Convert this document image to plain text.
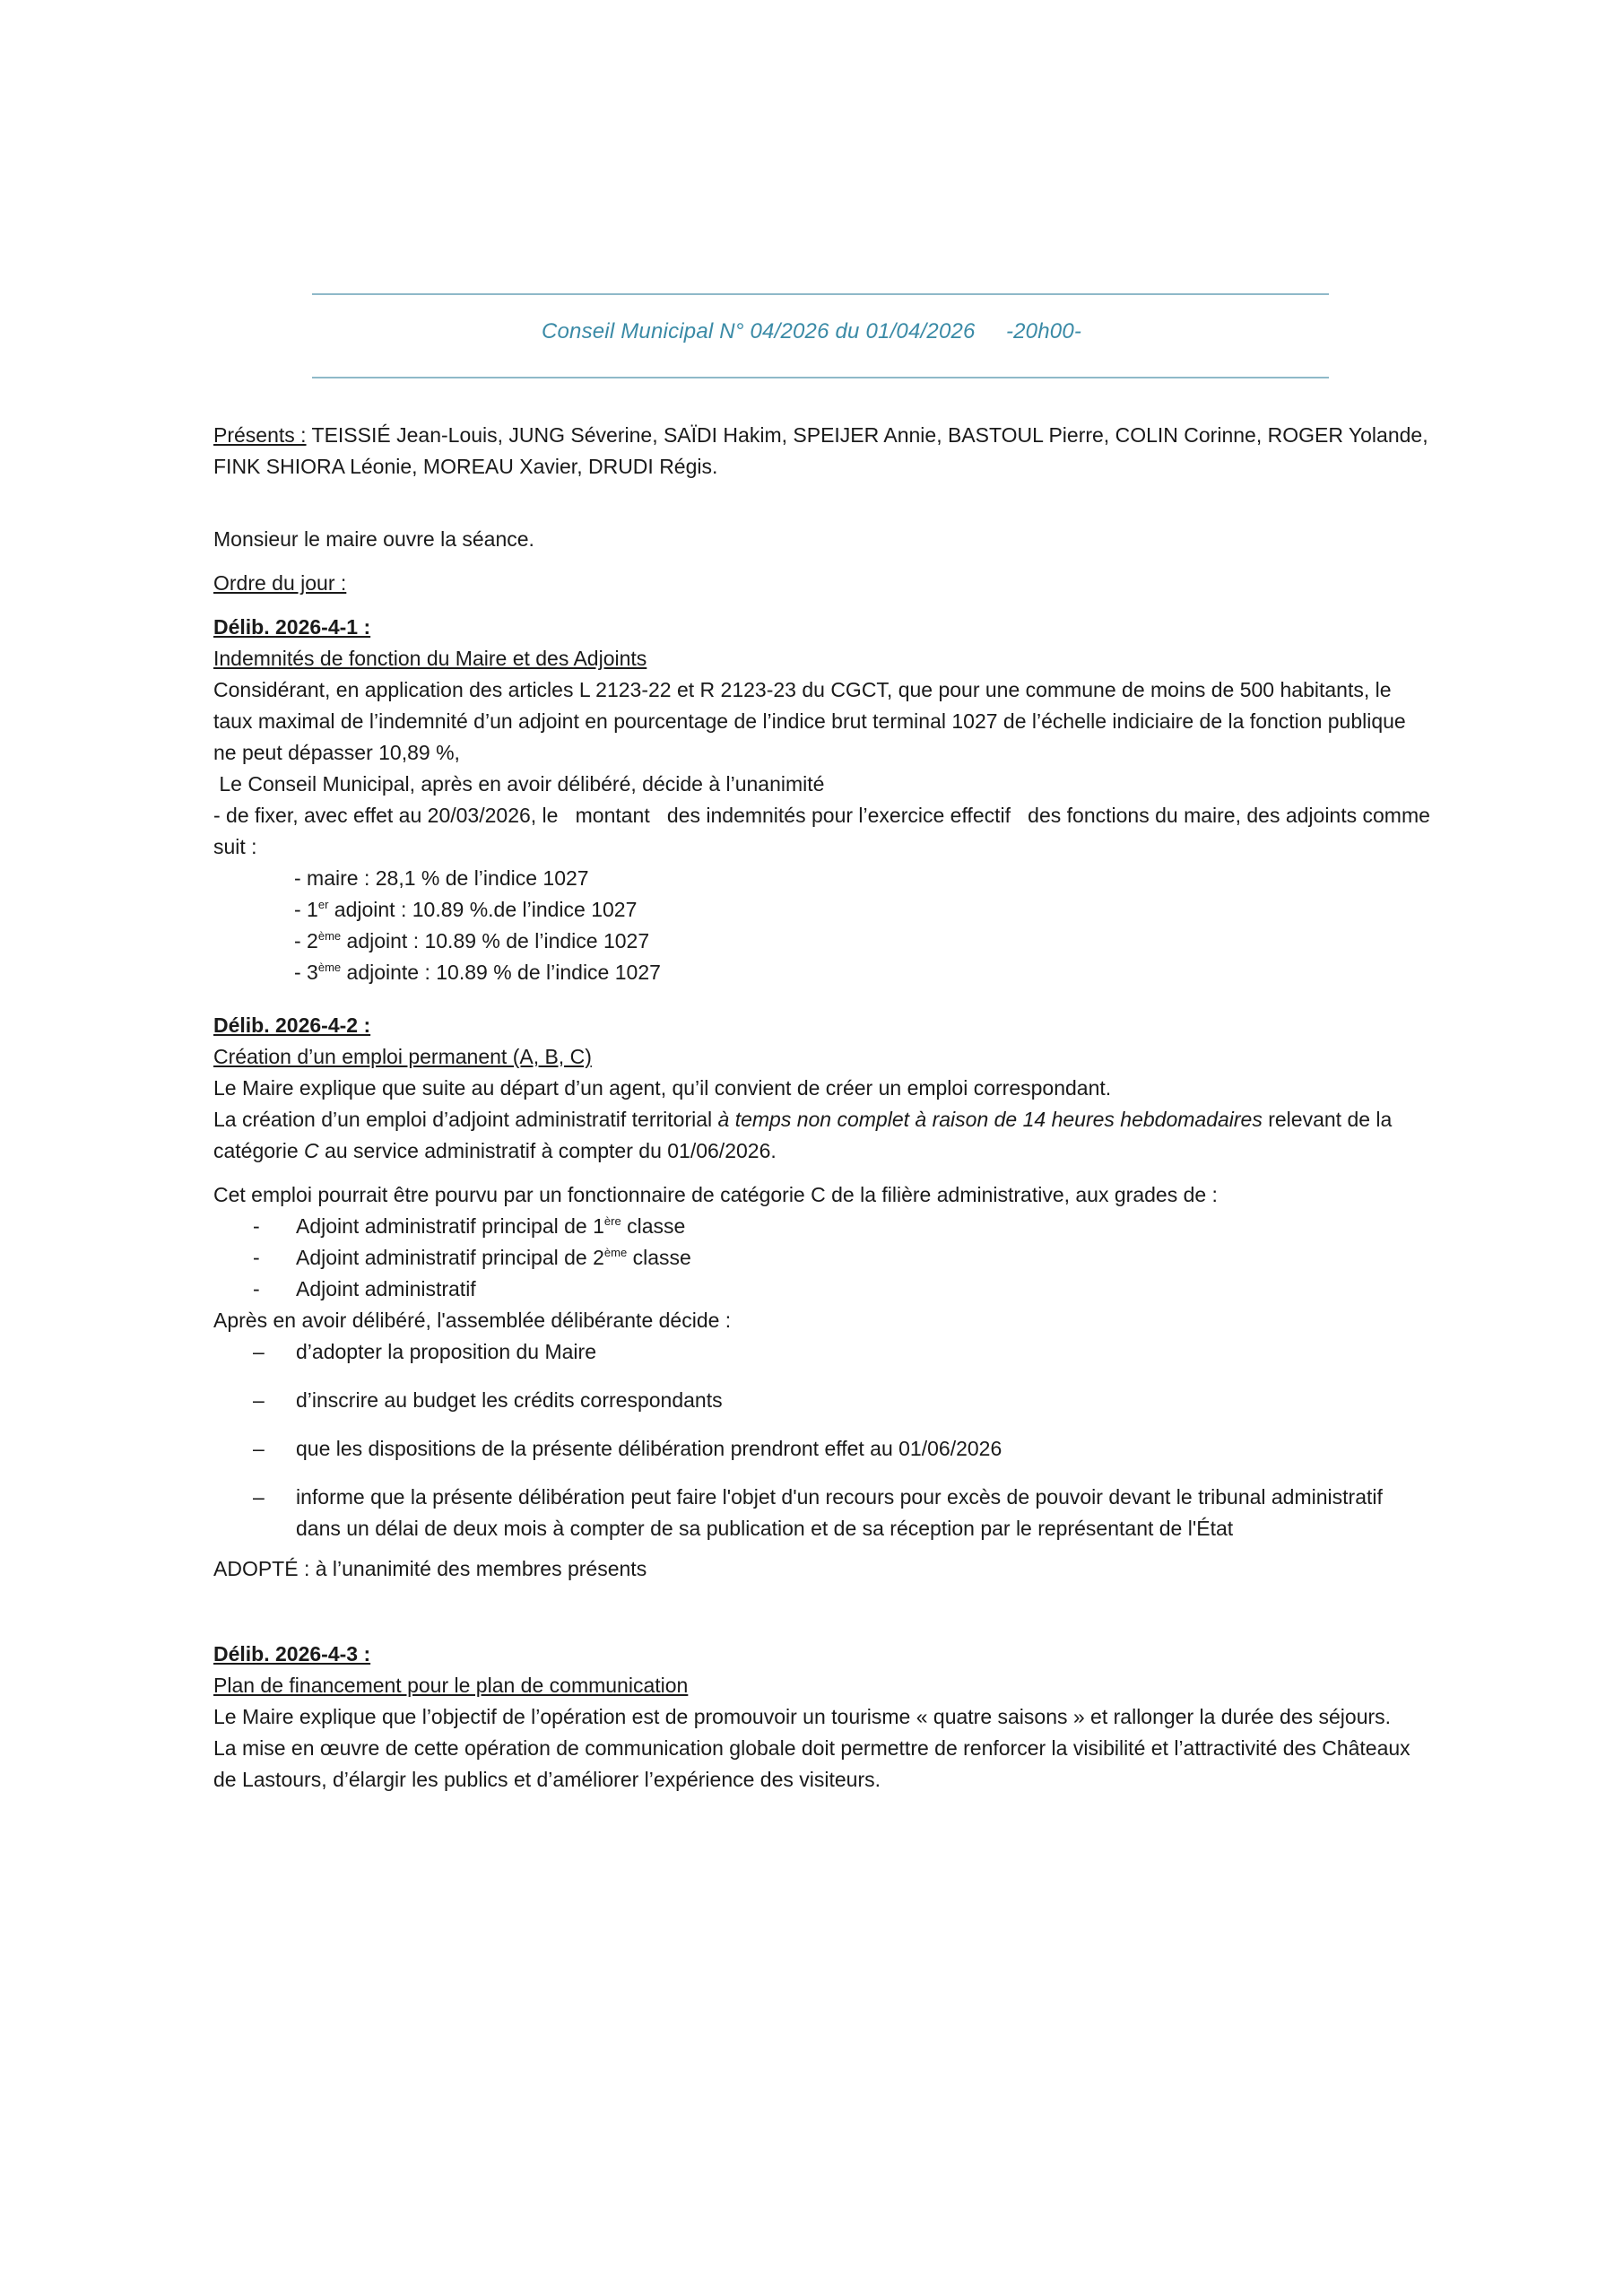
Conseil Municipal N° 04/2026 du 01/04/2026 -20h00-

Présents : TEISSIÉ Jean-Louis, JUNG Séverine, SAÏDI Hakim, SPEIJER Annie, BASTOUL Pierre, COLIN Corinne, ROGER Yolande, FINK SHIORA Léonie, MOREAU Xavier, DRUDI Régis.

Monsieur le maire ouvre la séance.

Ordre du jour :

Délib. 2026-4-1 :

Indemnités de fonction du Maire et des Adjoints

Considérant, en application des articles L 2123-22 et R 2123-23 du CGCT, que pour une commune de moins de 500 habitants, le taux maximal de l’indemnité d’un adjoint en pourcentage de l’indice brut terminal 1027 de l’échelle indiciaire de la fonction publique ne peut dépasser 10,89 %,

Le Conseil Municipal, après en avoir délibéré, décide à l’unanimité

- de fixer, avec effet au 20/03/2026, le   montant   des indemnités pour l’exercice effectif   des fonctions du maire, des adjoints comme suit :

- maire : 28,1 % de l’indice 1027

- 1er adjoint : 10.89 %.de l’indice 1027

- 2ème adjoint : 10.89 % de l’indice 1027

- 3ème adjointe : 10.89 % de l’indice 1027

Délib. 2026-4-2 :

Création d’un emploi permanent (A, B, C)

Le Maire explique que suite au départ d’un agent, qu’il convient de créer un emploi correspondant.

La création d’un emploi d’adjoint administratif territorial à temps non complet à raison de 14 heures hebdomadaires relevant de la catégorie C au service administratif à compter du 01/06/2026.

Cet emploi pourrait être pourvu par un fonctionnaire de catégorie C de la filière administrative, aux grades de :

- Adjoint administratif principal de 1ère classe
- Adjoint administratif principal de 2ème classe
- Adjoint administratif

Après en avoir délibéré, l'assemblée délibérante décide :

– d’adopter la proposition du Maire
– d’inscrire au budget les crédits correspondants
– que les dispositions de la présente délibération prendront effet au 01/06/2026
– informe que la présente délibération peut faire l'objet d'un recours pour excès de pouvoir devant le tribunal administratif dans un délai de deux mois à compter de sa publication et de sa réception par le représentant de l'État

ADOPTÉ : à l’unanimité des membres présents

Délib. 2026-4-3 :

Plan de financement pour le plan de communication

Le Maire explique que l’objectif de l’opération est de promouvoir un tourisme « quatre saisons » et rallonger la durée des séjours.

La mise en œuvre de cette opération de communication globale doit permettre de renforcer la visibilité et l’attractivité des Châteaux de Lastours, d’élargir les publics et d’améliorer l’expérience des visiteurs.
